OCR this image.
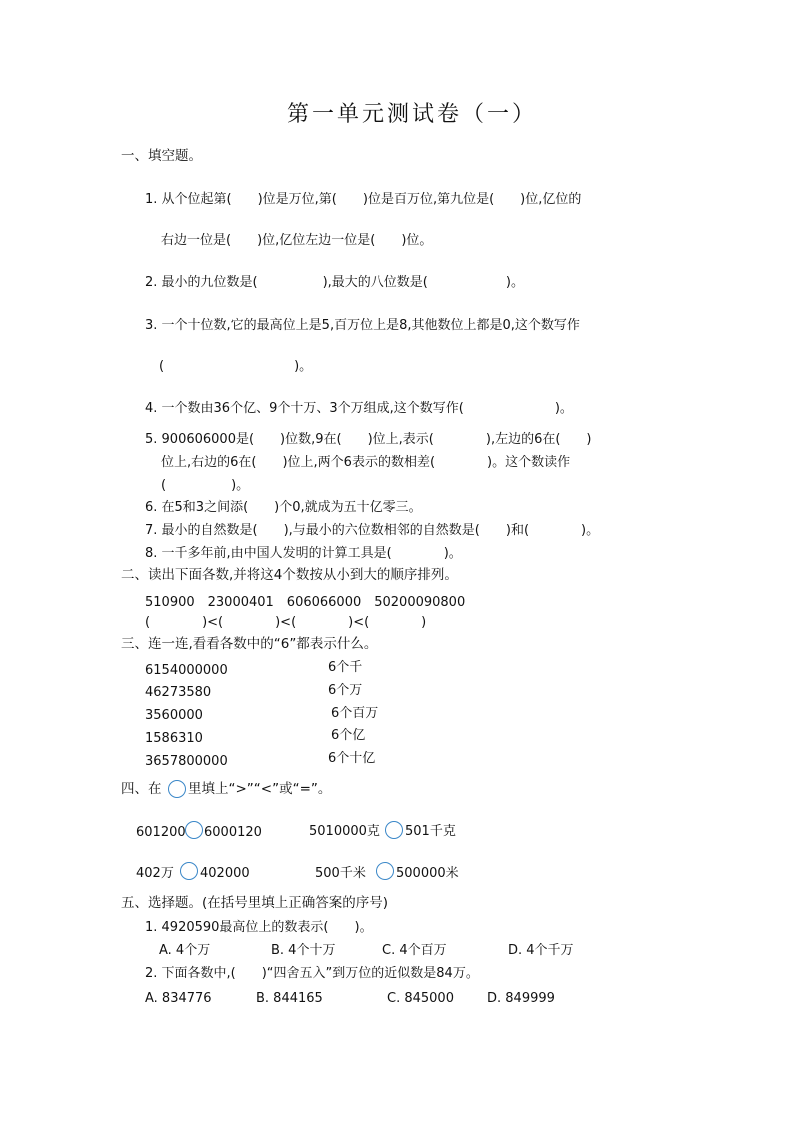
第一单元测试卷（一）
一、填空题。
1. 从个位起第(　　)位是万位,第(　　)位是百万位,第九位是(　　)位,亿位的
右边一位是(　　)位,亿位左边一位是(　　)位。
2. 最小的九位数是(　　　　　),最大的八位数是(　　　　　　)。
3. 一个十位数,它的最高位上是5,百万位上是8,其他数位上都是0,这个数写作
(　　　　　　　　　　)。
4. 一个数由36个亿、9个十万、3个万组成,这个数写作(　　　　　　　)。
5. 900606000是(　　)位数,9在(　　)位上,表示(　　　　),左边的6在(　　)
位上,右边的6在(　　)位上,两个6表示的数相差(　　　　)。这个数读作
(　　　　　)。
6. 在5和3之间添(　　)个0,就成为五十亿零三。
7. 最小的自然数是(　　),与最小的六位数相邻的自然数是(　　)和(　　　　)。
8. 一千多年前,由中国人发明的计算工具是(　　　　)。
二、读出下面各数,并将这4个数按从小到大的顺序排列。
510900　23000401　606066000　50200090800
(　　　　)<(　　　　)<(　　　　)<(　　　　)
三、连一连,看看各数中的“6”都表示什么。
6154000000
46273580
3560000
1586310
3657800000
6个千
6个万
6个百万
6个亿
6个十亿
四、在 里填上“>”“<”或“=”。
601200 6000120	5010000克 501千克
402万 402000	500千米 500000米
五、选择题。(在括号里填上正确答案的序号)
1. 4920590最高位上的数表示(　　)。
A. 4个万	B. 4个十万	C. 4个百万	D. 4个千万
2. 下面各数中,(　　)“四舍五入”到万位的近似数是84万。
A. 834776	B. 844165	C. 845000	D. 849999
